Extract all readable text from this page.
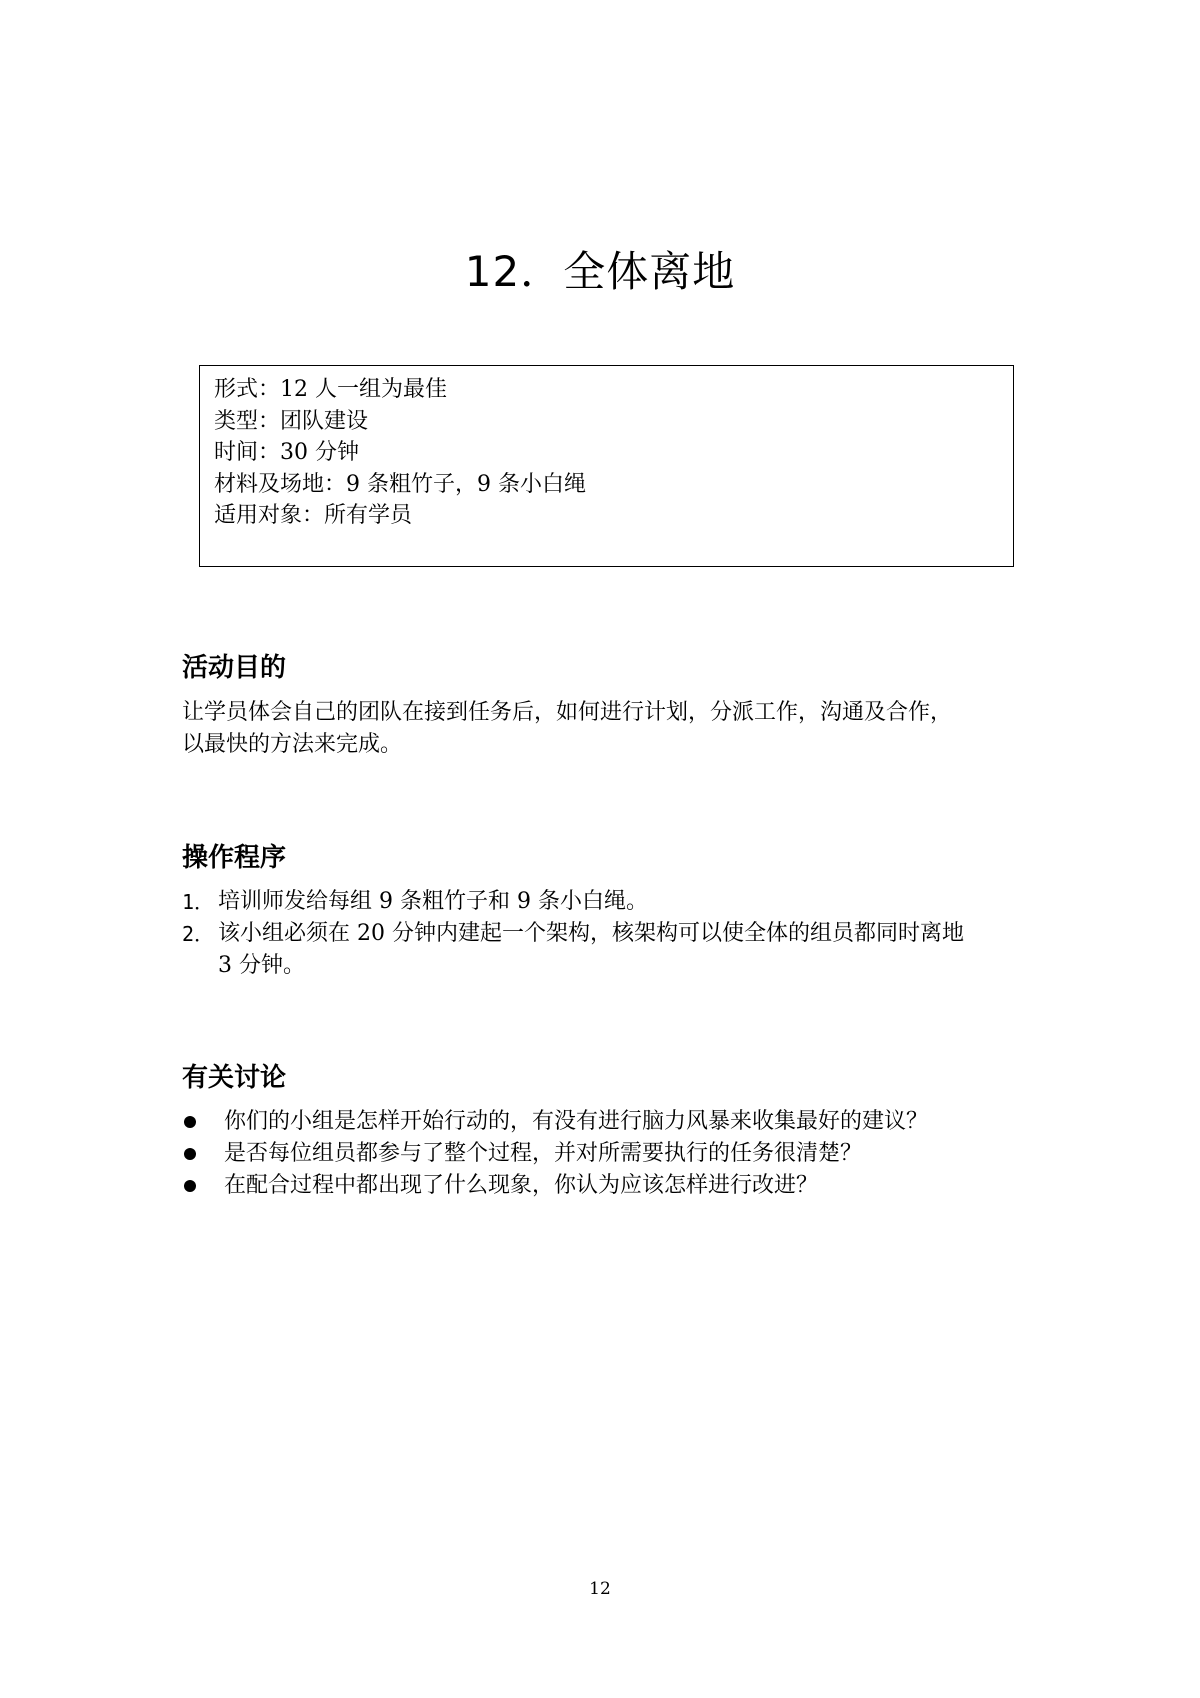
12．全体离地
形式：12 人一组为最佳
类型：团队建设
时间：30 分钟
材料及场地：9 条粗竹子，9 条小白绳
适用对象：所有学员
活动目的

让学员体会自己的团队在接到任务后，如何进行计划，分派工作，沟通及合作，
以最快的方法来完成。

操作程序
1． 培训师发给每组 9 条粗竹子和 9 条小白绳。
2． 该小组必须在 20 分钟内建起一个架构，核架构可以使全体的组员都同时离地
3 分钟。
有关讨论
你们的小组是怎样开始行动的，有没有进行脑力风暴来收集最好的建议？
是否每位组员都参与了整个过程，并对所需要执行的任务很清楚？
在配合过程中都出现了什么现象，你认为应该怎样进行改进？
12
